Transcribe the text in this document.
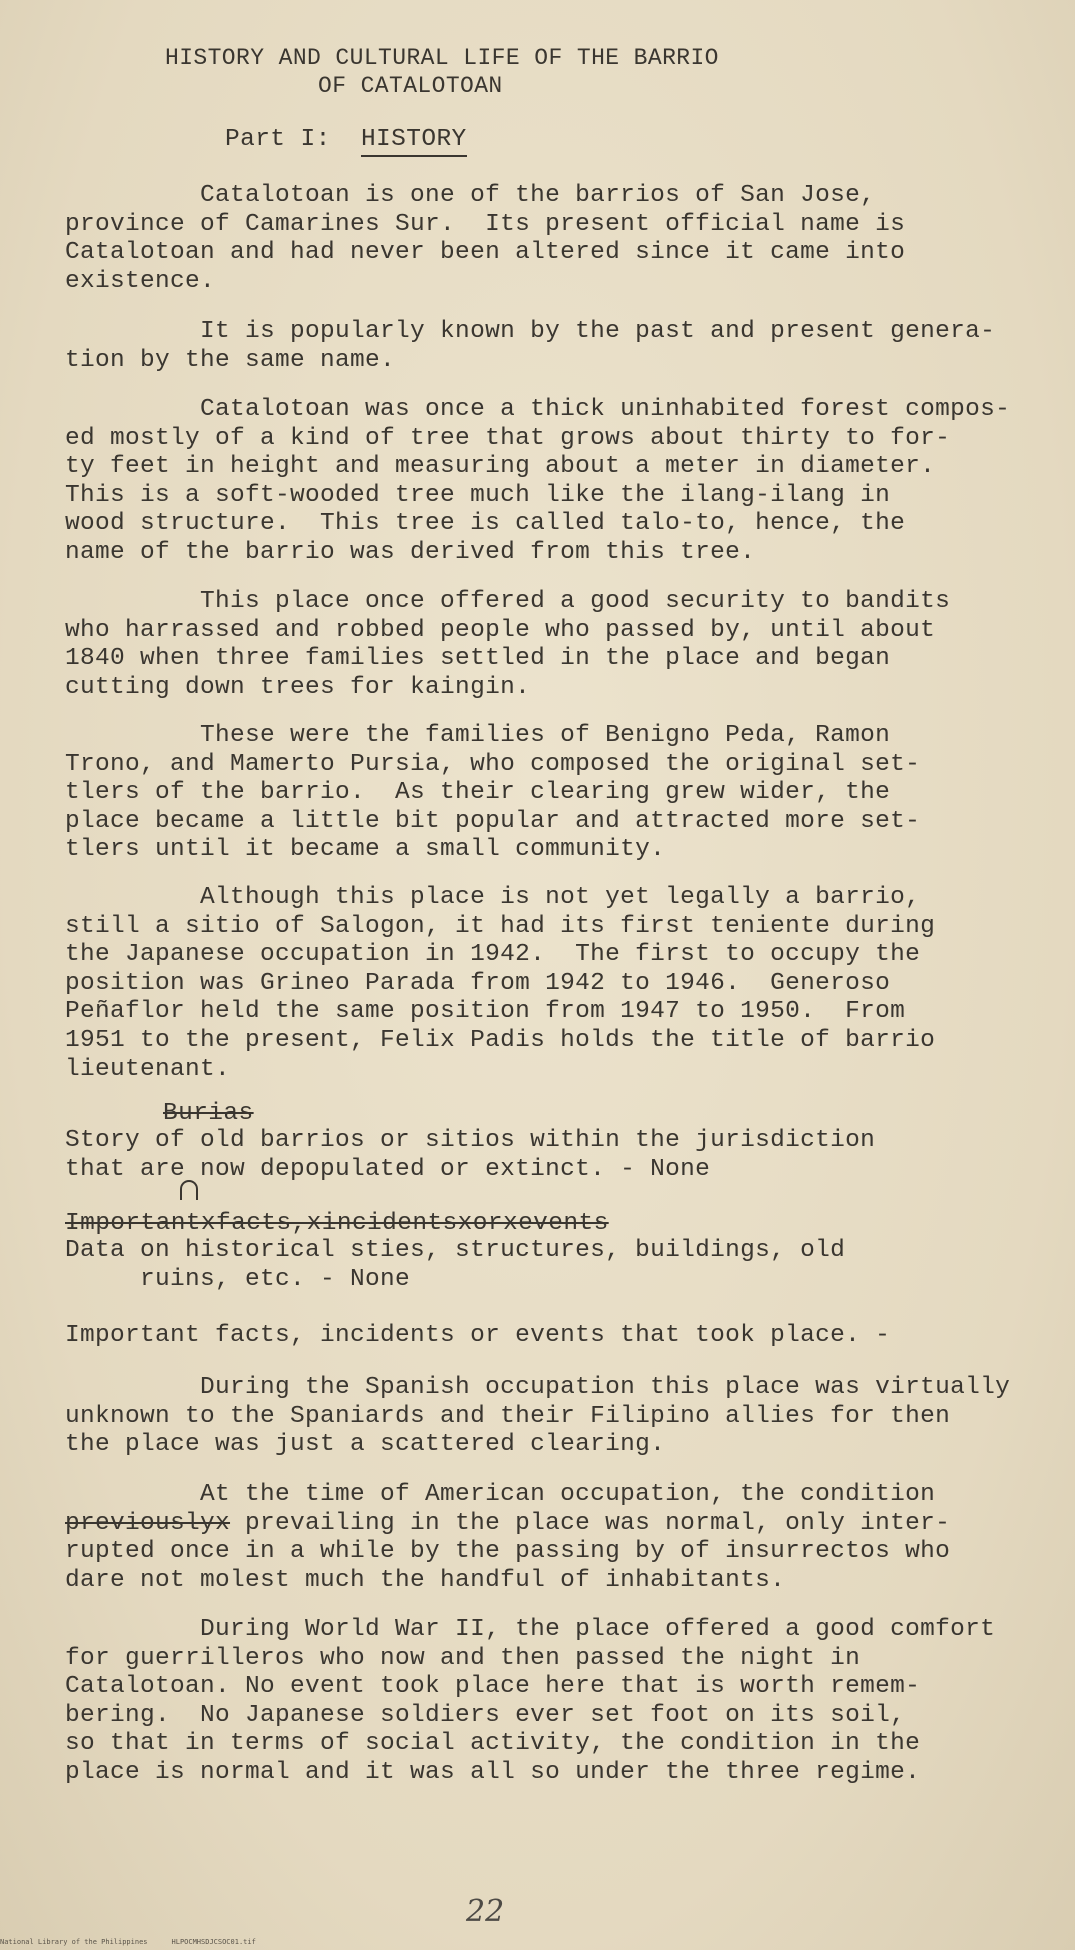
HISTORY AND CULTURAL LIFE OF THE BARRIO
OF CATALOTOAN
Part I: HISTORY
Catalotoan is one of the barrios of San Jose,
province of Camarines Sur.  Its present official name is
Catalotoan and had never been altered since it came into
existence.
It is popularly known by the past and present genera-
tion by the same name.
Catalotoan was once a thick uninhabited forest compos-
ed mostly of a kind of tree that grows about thirty to for-
ty feet in height and measuring about a meter in diameter.
This is a soft-wooded tree much like the ilang-ilang in
wood structure.  This tree is called talo-to, hence, the
name of the barrio was derived from this tree.
This place once offered a good security to bandits
who harrassed and robbed people who passed by, until about
1840 when three families settled in the place and began
cutting down trees for kaingin.
These were the families of Benigno Peda, Ramon
Trono, and Mamerto Pursia, who composed the original set-
tlers of the barrio.  As their clearing grew wider, the
place became a little bit popular and attracted more set-
tlers until it became a small community.
Although this place is not yet legally a barrio,
still a sitio of Salogon, it had its first teniente during
the Japanese occupation in 1942.  The first to occupy the
position was Grineo Parada from 1942 to 1946.  Generoso
Peñaflor held the same position from 1947 to 1950.  From
1951 to the present, Felix Padis holds the title of barrio
lieutenant.
Burias
Story of old barrios or sitios within the jurisdiction
that are now depopulated or extinct. - None
Importantxfacts,xincidentsxorxevents
Data on historical sties, structures, buildings, old
ruins, etc. - None
Important facts, incidents or events that took place. -
During the Spanish occupation this place was virtually
unknown to the Spaniards and their Filipino allies for then
the place was just a scattered clearing.
At the time of American occupation, the condition
previouslyx prevailing in the place was normal, only inter-
rupted once in a while by the passing by of insurrectos who
dare not molest much the handful of inhabitants.
During World War II, the place offered a good comfort
for guerrilleros who now and then passed the night in
Catalotoan. No event took place here that is worth remem-
bering.  No Japanese soldiers ever set foot on its soil,
so that in terms of social activity, the condition in the
place is normal and it was all so under the three regime.
22
National Library of the Philippines	HLPOCMHSDJCSOC01.tif
